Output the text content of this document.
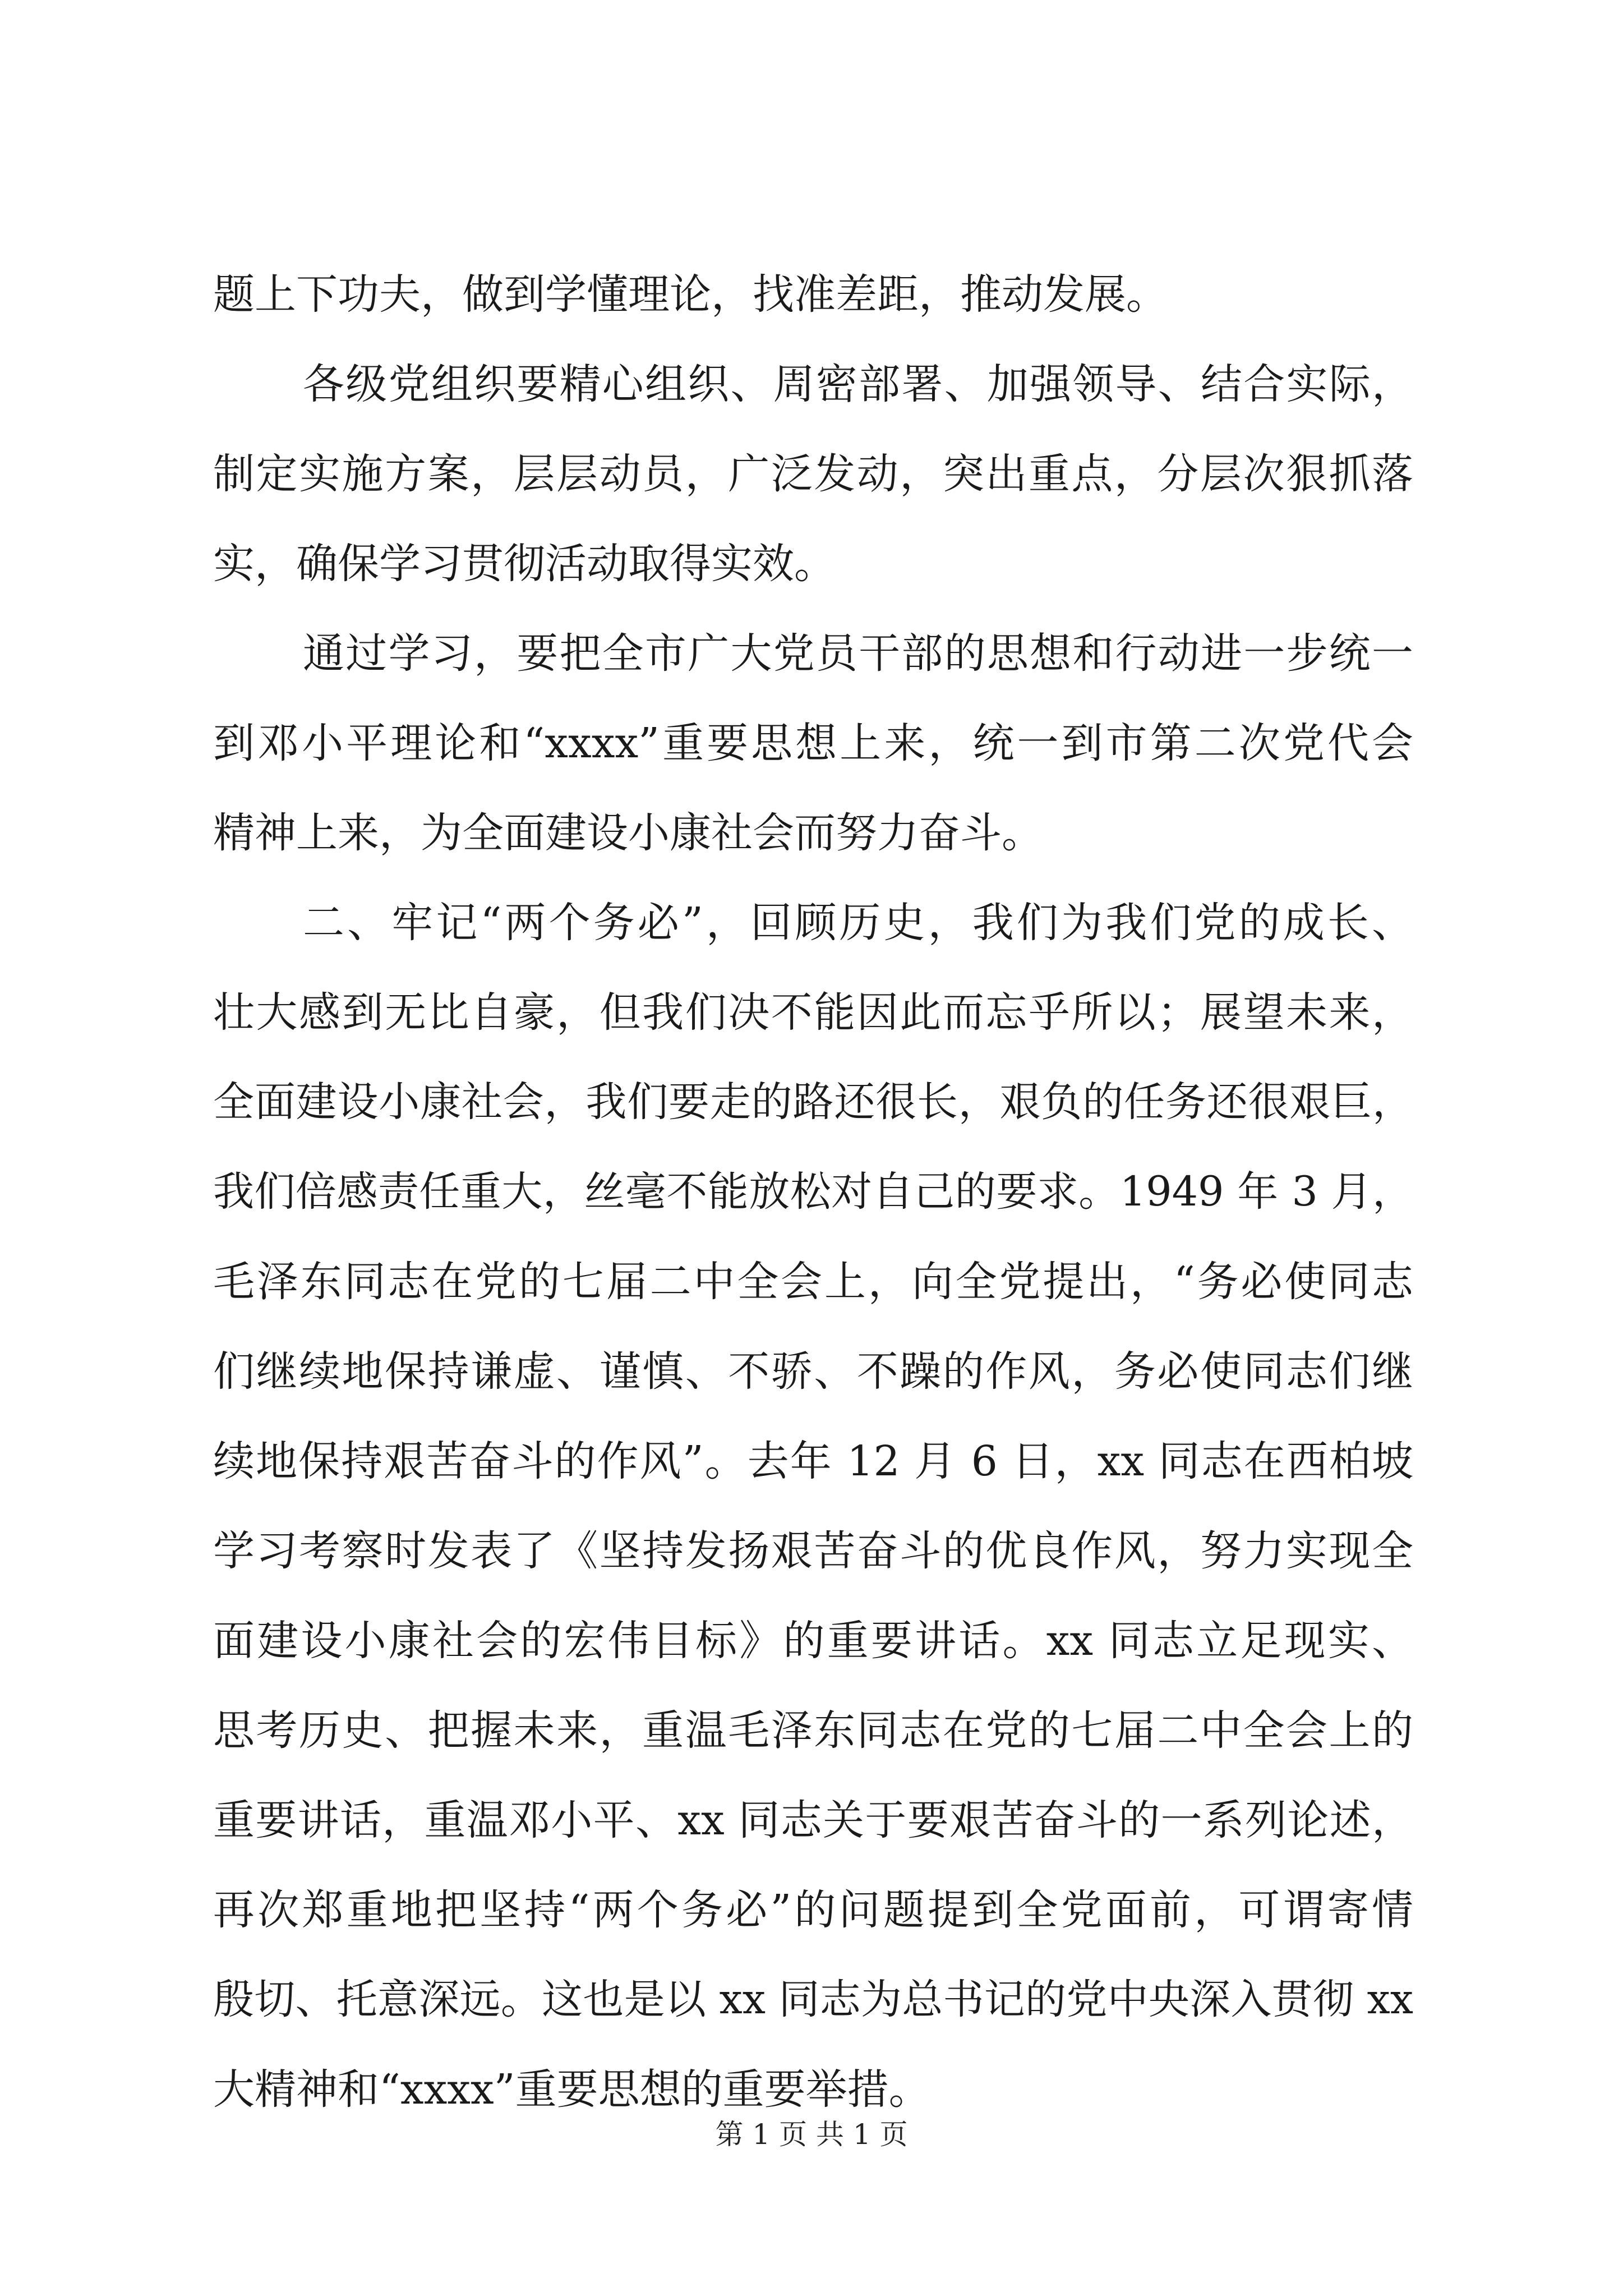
题上下功夫，做到学懂理论，找准差距，推动发展。
各级党组织要精心组织、周密部署、加强领导、结合实际，
制定实施方案，层层动员，广泛发动，突出重点，分层次狠抓落
实，确保学习贯彻活动取得实效。
通过学习，要把全市广大党员干部的思想和行动进一步统一
到邓小平理论和“xxxx”重要思想上来，统一到市第二次党代会
精神上来，为全面建设小康社会而努力奋斗。
二、牢记“两个务必”，回顾历史，我们为我们党的成长、
壮大感到无比自豪，但我们决不能因此而忘乎所以；展望未来，
全面建设小康社会，我们要走的路还很长，艰负的任务还很艰巨，
我们倍感责任重大，丝毫不能放松对自己的要求。1949 年 3 月，
毛泽东同志在党的七届二中全会上，向全党提出，“务必使同志
们继续地保持谦虚、谨慎、不骄、不躁的作风，务必使同志们继
续地保持艰苦奋斗的作风”。去年 12 月 6 日，xx 同志在西柏坡
学习考察时发表了《坚持发扬艰苦奋斗的优良作风，努力实现全
面建设小康社会的宏伟目标》的重要讲话。xx 同志立足现实、
思考历史、把握未来，重温毛泽东同志在党的七届二中全会上的
重要讲话，重温邓小平、xx 同志关于要艰苦奋斗的一系列论述，
再次郑重地把坚持“两个务必”的问题提到全党面前，可谓寄情
殷切、托意深远。这也是以 xx 同志为总书记的党中央深入贯彻 xx
大精神和“xxxx”重要思想的重要举措。
第 1 页 共 1 页
